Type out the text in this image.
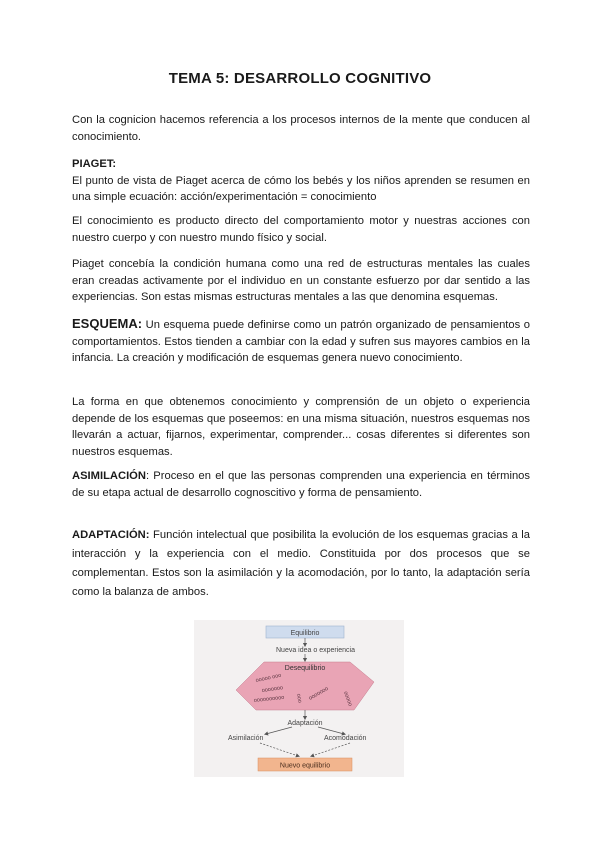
TEMA 5: DESARROLLO COGNITIVO

Con la cognicion hacemos referencia a los procesos internos de la mente que conducen al conocimiento.

PIAGET:
El punto de vista de Piaget acerca de cómo los bebés y los niños aprenden se resumen en una simple ecuación: acción/experimentación = conocimiento

El conocimiento es producto directo del comportamiento motor y nuestras acciones con nuestro cuerpo y con nuestro mundo físico y social.

Piaget concebía la condición humana como una red de estructuras mentales las cuales eran creadas activamente por el individuo en un constante esfuerzo por dar sentido a las experiencias. Son estas mismas estructuras mentales a las que denomina esquemas.

ESQUEMA: Un esquema puede definirse como un patrón organizado de pensamientos o comportamientos. Estos tienden a cambiar con la edad y sufren sus mayores cambios en la infancia. La creación y modificación de esquemas genera nuevo conocimiento.

La forma en que obtenemos conocimiento y comprensión de un objeto o experiencia depende de los esquemas que poseemos: en una misma situación, nuestros esquemas nos llevarán a actuar, fijarnos, experimentar, comprender... cosas diferentes si diferentes son nuestros esquemas.

ASIMILACIÓN: Proceso en el que las personas comprenden una experiencia en términos de su etapa actual de desarrollo cognoscitivo y forma de pensamiento.

ADAPTACIÓN: Función intelectual que posibilita la evolución de los esquemas gracias a la interacción y la experiencia con el medio. Constituida por dos procesos que se complementan. Estos son la asimilación y la acomodación, por lo tanto, la adaptación sería como la balanza de ambos.

Equilibrio
Nueva idea o experiencia
Desequilibrio
ooooo ooo
ooooooo
oooooooooo	ooooooo ooooo
ooo
Adaptación
Asimilación	Acomodación
Nuevo equilibrio
